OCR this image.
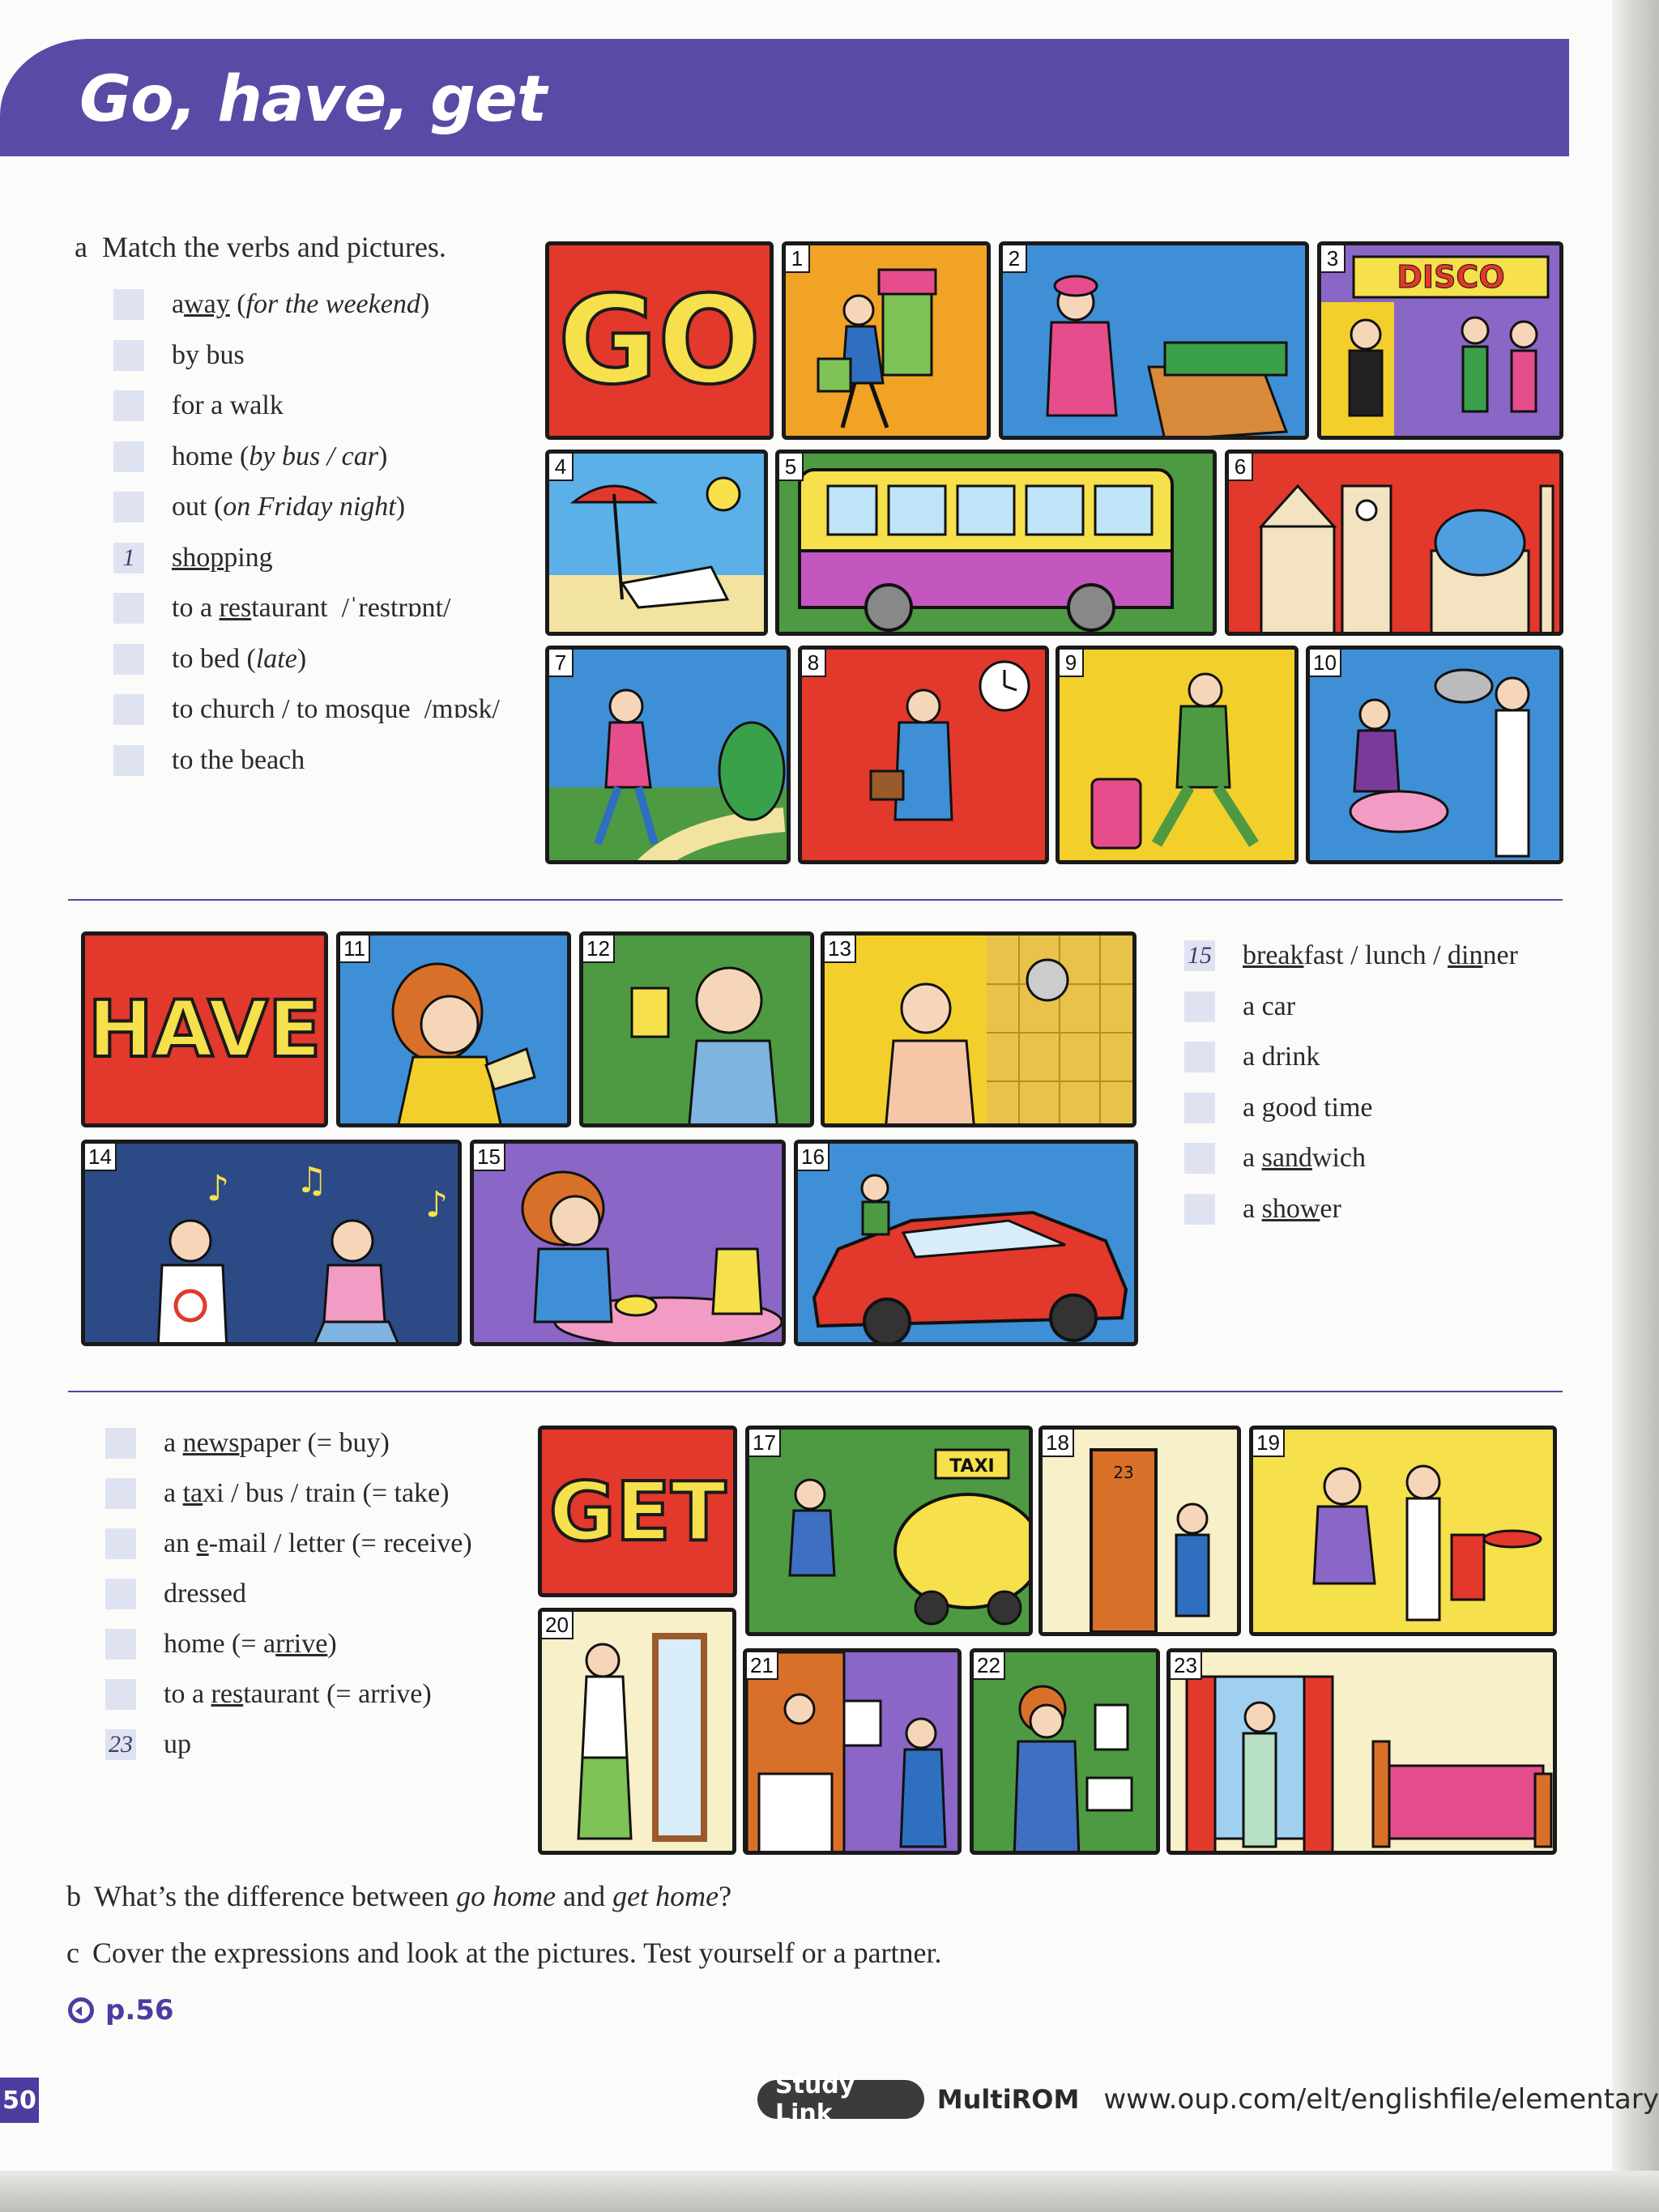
Go, have, get
a Match the verbs and pictures.
away (for the weekend)
by bus
for a walk
home (by bus / car)
out (on Friday night)
1	shopping
to a restaurant  /ˈrestrɒnt/
to bed (late)
to church / to mosque  /mɒsk/
to the beach
15 breakfast / lunch / dinner
a car
a drink
a good time
a sandwich
a shower
a newspaper (= buy)
a taxi / bus / train (= take)
an e-mail / letter (= receive)
dressed
home (= arrive)
to a restaurant (= arrive)
23 up
GO
1	2
DISCO
3
4	5	6
7	8	9	10
HAVE
11	12	13
♪ ♫
♪
14	15	16
GET	TAXI
17
23
18	19
20
21	22	23
b What’s the difference between go home and get home?
c Cover the expressions and look at the pictures. Test yourself or a partner.
p.56
50
Study Link	MultiROM www.oup.com/elt/englishfile/elementary
